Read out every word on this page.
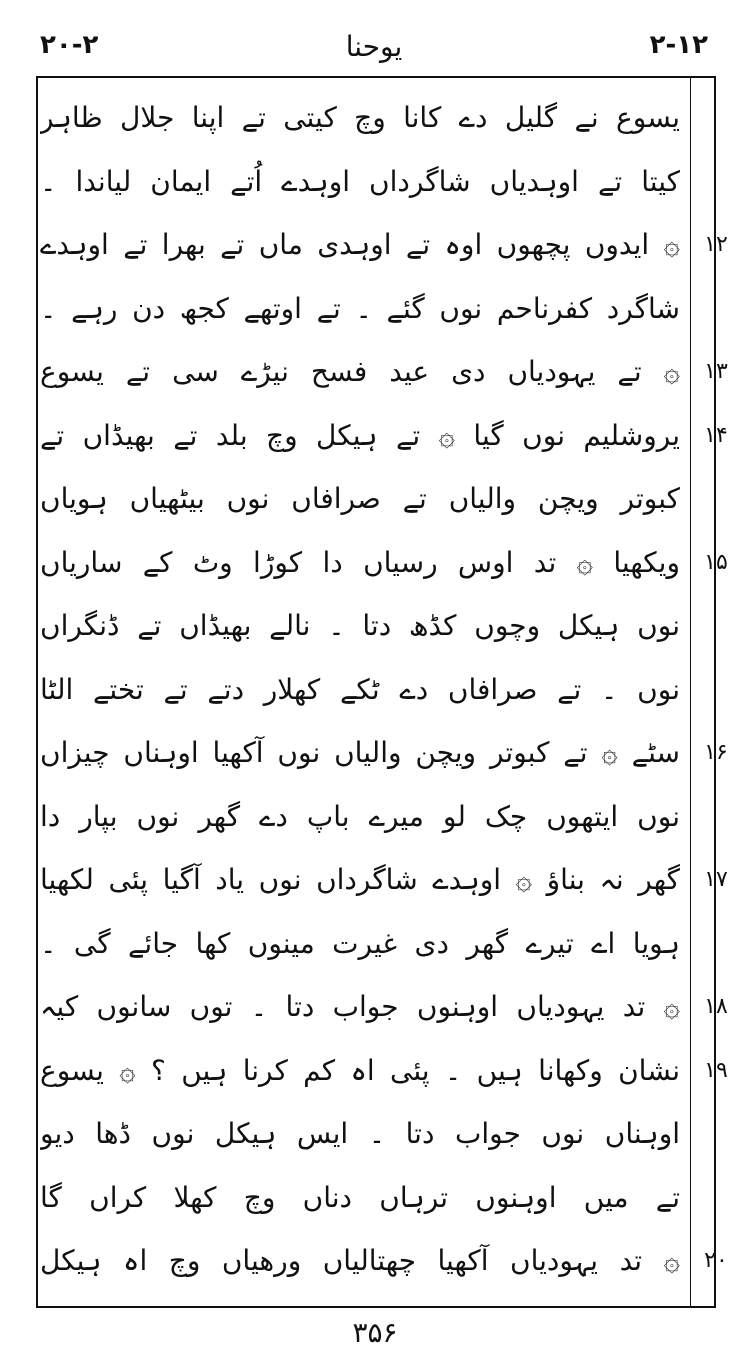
۲۰-۲	یوحنا	۲-۱۲
یسوع نے گلیل دے کانا وچ کیتی تے اپنا جلال ظاہر
کیتا تے اوہدیاں شاگرداں اوہدے اُتے ایمان لیاندا ۔
۞ ایدوں پچھوں اوہ تے اوہدی ماں تے بھرا تے اوہدے	۱۲
شاگرد کفرناحم نوں گئے ۔ تے اوتھے کجھ دن رہے ۔
۞ تے یہودیاں دی عید فسح نیڑے سی تے یسوع	۱۳
یروشلیم نوں گیا ۞ تے ہیکل وچ بلد تے بھیڈاں تے	۱۴
کبوتر ویچن والیاں تے صرافاں نوں بیٹھیاں ہویاں
ویکھیا ۞ تد اوس رسیاں دا کوڑا وٹ کے ساریاں	۱۵
نوں ہیکل وچوں کڈھ دتا ۔ نالے بھیڈاں تے ڈنگراں
نوں ۔ تے صرافاں دے ٹکے کھلار دتے تے تختے الٹا
سٹے ۞ تے کبوتر ویچن والیاں نوں آکھیا اوہناں چیزاں	۱۶
نوں ایتھوں چک لو میرے باپ دے گھر نوں بپار دا
گھر نہ بناؤ ۞ اوہدے شاگرداں نوں یاد آگیا پئی لکھیا	۱۷
ہویا اے تیرے گھر دی غیرت مینوں کھا جائے گی ۔
۞ تد یہودیاں اوہنوں جواب دتا ۔ توں سانوں کیہ	۱۸
نشان وکھانا ہیں ۔ پئی اہ کم کرنا ہیں ؟ ۞ یسوع	۱۹
اوہناں نوں جواب دتا ۔ ایس ہیکل نوں ڈھا دیو
تے میں اوہنوں ترہاں دناں وچ کھلا کراں گا
۞ تد یہودیاں آکھیا چھتالیاں ورھیاں وچ اہ ہیکل	۲۰
۳۵۶
